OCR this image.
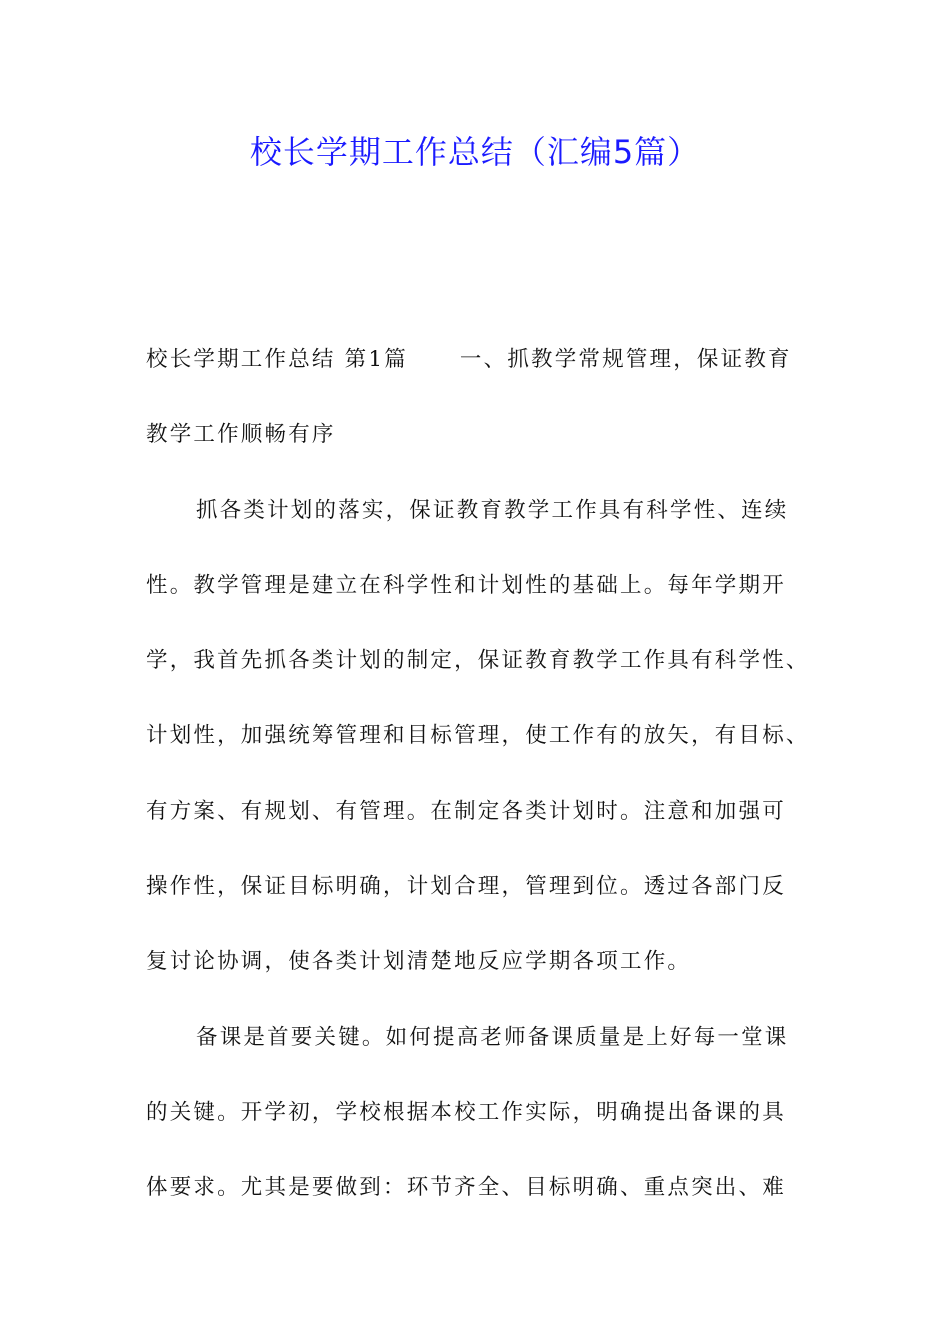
校长学期工作总结（汇编5篇）
校长学期工作总结 第1篇 一、抓教学常规管理，保证教育
教学工作顺畅有序
抓各类计划的落实，保证教育教学工作具有科学性、连续
性。教学管理是建立在科学性和计划性的基础上。每年学期开
学，我首先抓各类计划的制定，保证教育教学工作具有科学性、
计划性，加强统筹管理和目标管理，使工作有的放矢，有目标、
有方案、有规划、有管理。在制定各类计划时。注意和加强可
操作性，保证目标明确，计划合理，管理到位。透过各部门反
复讨论协调，使各类计划清楚地反应学期各项工作。
备课是首要关键。如何提高老师备课质量是上好每一堂课
的关键。开学初，学校根据本校工作实际，明确提出备课的具
体要求。尤其是要做到：环节齐全、目标明确、重点突出、难
